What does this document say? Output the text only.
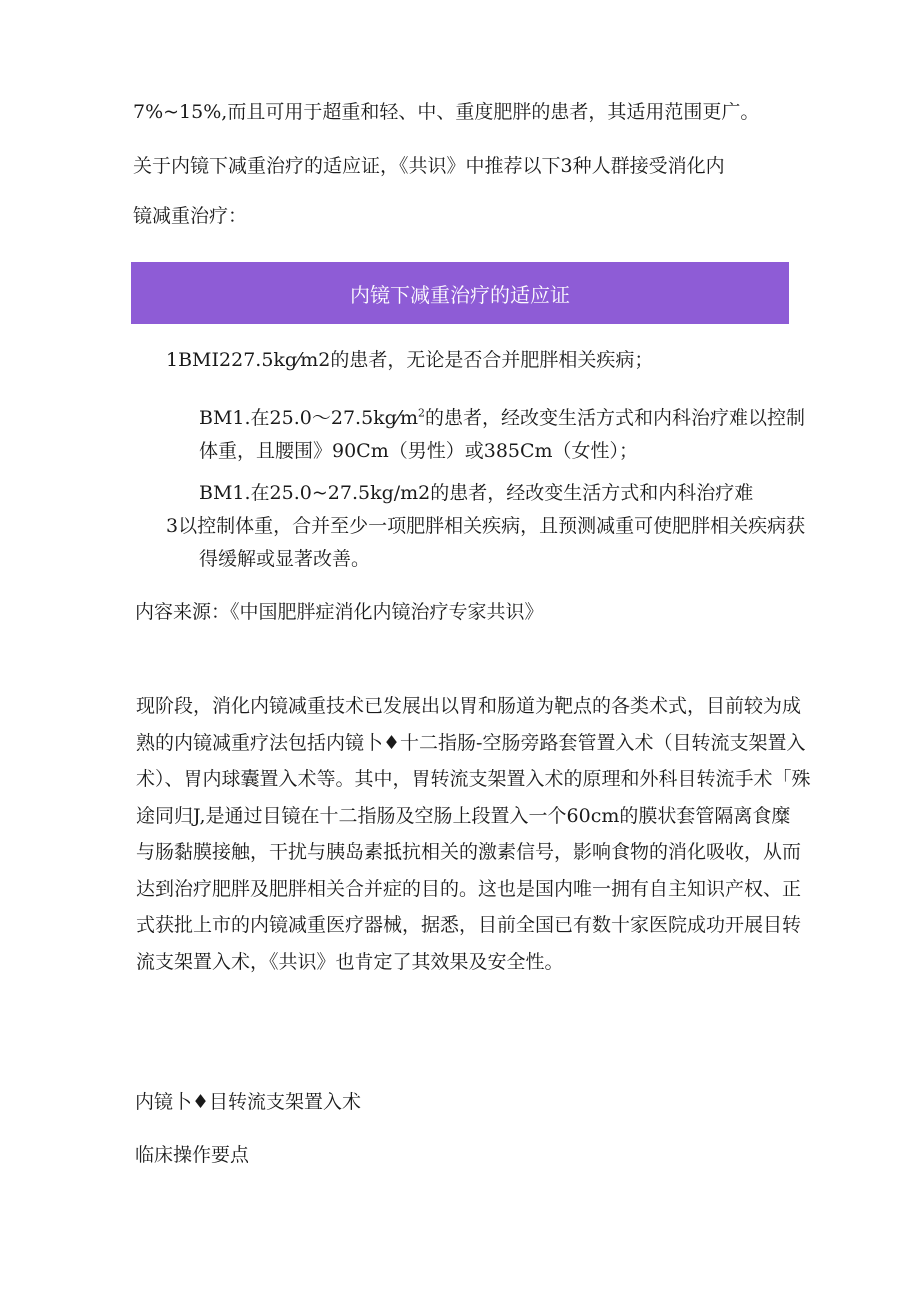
7%~15%,而且可用于超重和轻、中、重度肥胖的患者，其适用范围更广。

关于内镜下减重治疗的适应证，《共识》中推荐以下3种人群接受消化内

镜减重治疗：

内镜下减重治疗的适应证
1BMI227.5kg⁄m2的患者，无论是否合并肥胖相关疾病；
BM1.在$25.0\sim 27.5kg⁄m^2$的患者，经改变生活方式和内科治疗难以控制
体重，且腰围》90Cm（男性）或385Cm（女性）；
BM1.在25.0~27.5kg/m2的患者，经改变生活方式和内科治疗难
3以控制体重，合并至少一项肥胖相关疾病，且预测减重可使肥胖相关疾病获
得缓解或显著改善。

内容来源：《中国肥胖症消化内镜治疗专家共识》

现阶段，消化内镜减重技术已发展出以胃和肠道为靶点的各类术式，目前较为成
熟的内镜减重疗法包括内镜卜♦十二指肠-空肠旁路套管置入术（目转流支架置入
术）、胃内球囊置入术等。其中，胃转流支架置入术的原理和外科目转流手术「殊
途同归J,是通过目镜在十二指肠及空肠上段置入一个60cm的膜状套管隔离食糜
与肠黏膜接触，干扰与胰岛素抵抗相关的激素信号，影响食物的消化吸收，从而
达到治疗肥胖及肥胖相关合并症的目的。这也是国内唯一拥有自主知识产权、正
式获批上市的内镜减重医疗器械，据悉，目前全国已有数十家医院成功开展目转
流支架置入术，《共识》也肯定了其效果及安全性。

内镜卜♦目转流支架置入术

临床操作要点
